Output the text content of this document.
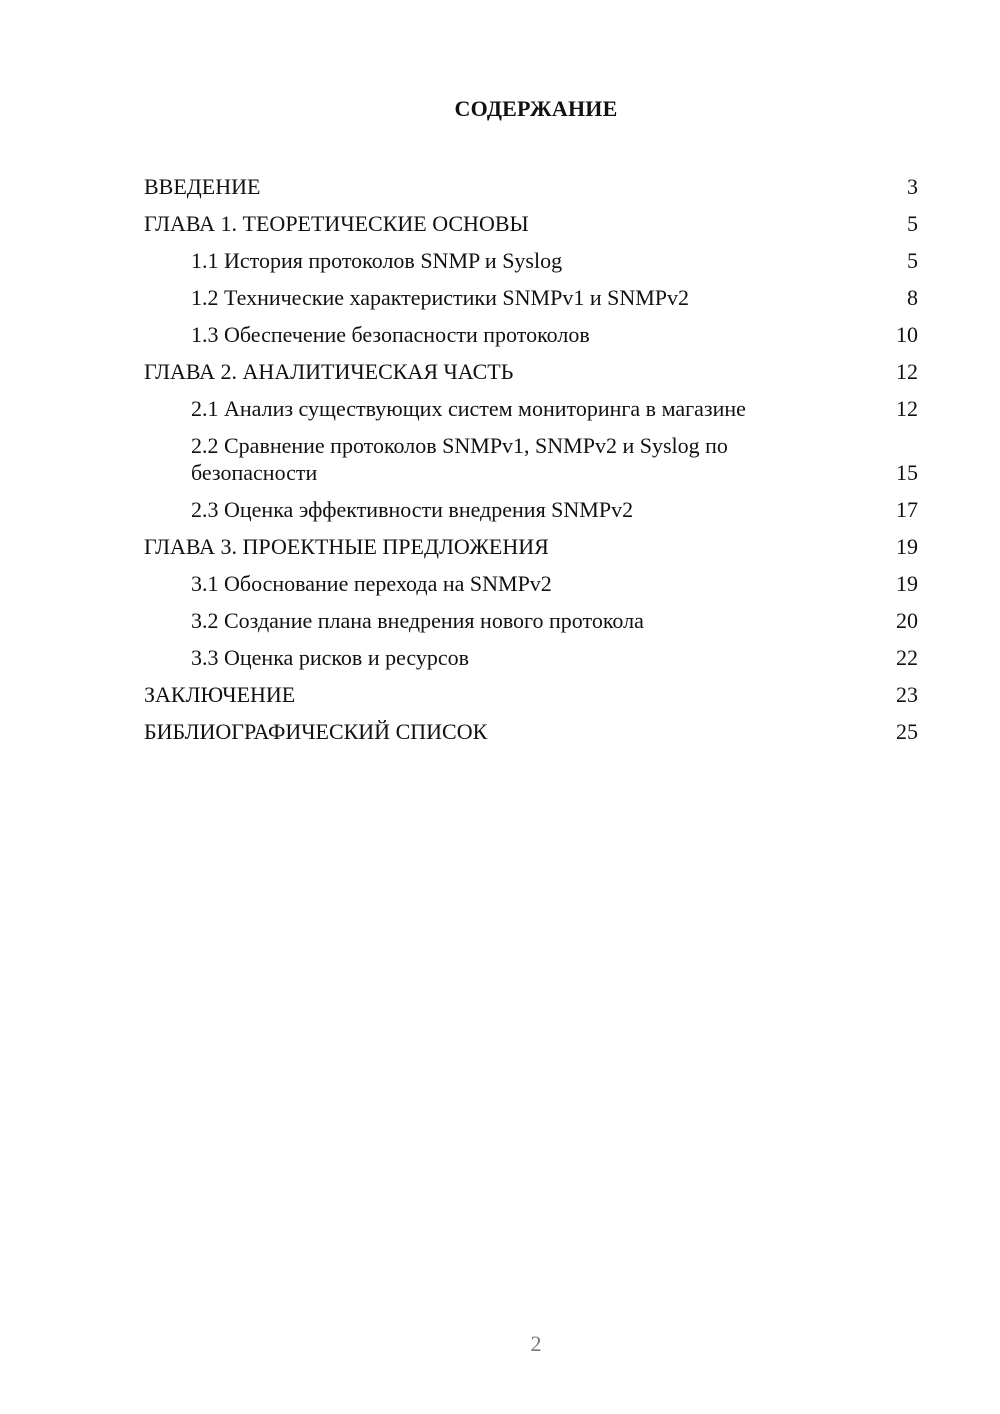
СОДЕРЖАНИЕ
ВВЕДЕНИЕ	3
ГЛАВА 1. ТЕОРЕТИЧЕСКИЕ ОСНОВЫ	5
1.1 История протоколов SNMP и Syslog	5
1.2 Технические характеристики SNMPv1 и SNMPv2	8
1.3 Обеспечение безопасности протоколов	10
ГЛАВА 2. АНАЛИТИЧЕСКАЯ ЧАСТЬ	12
2.1 Анализ существующих систем мониторинга в магазине	12
2.2 Сравнение протоколов SNMPv1, SNMPv2 и Syslog по безопасности	15
2.3 Оценка эффективности внедрения SNMPv2	17
ГЛАВА 3. ПРОЕКТНЫЕ ПРЕДЛОЖЕНИЯ	19
3.1 Обоснование перехода на SNMPv2	19
3.2 Создание плана внедрения нового протокола	20
3.3 Оценка рисков и ресурсов	22
ЗАКЛЮЧЕНИЕ	23
БИБЛИОГРАФИЧЕСКИЙ СПИСОК	25
2
